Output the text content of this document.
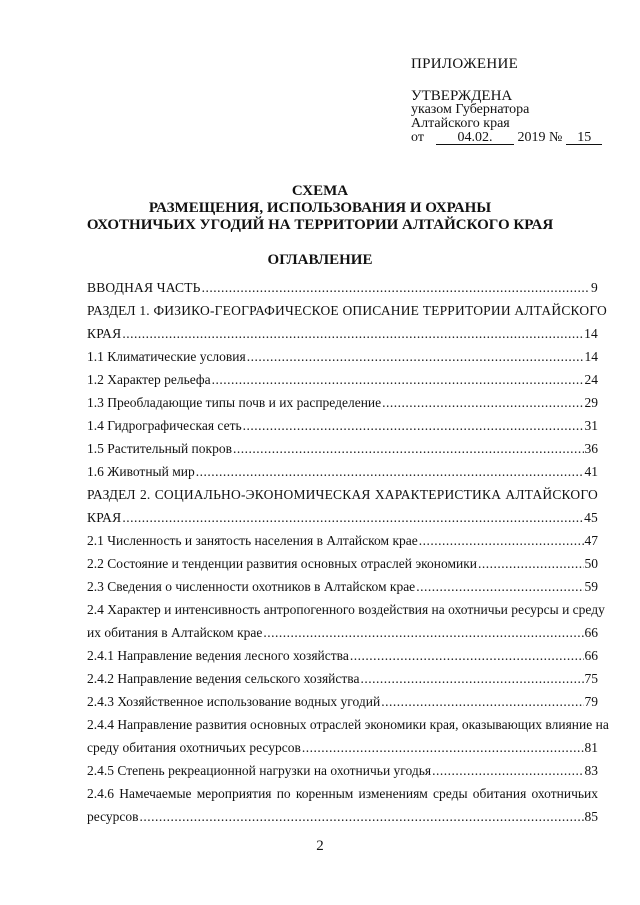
ПРИЛОЖЕНИЕ
УТВЕРЖДЕНА
указом Губернатора
Алтайского края
от 04.02. 2019 № 15
СХЕМА
РАЗМЕЩЕНИЯ, ИСПОЛЬЗОВАНИЯ И ОХРАНЫ
ОХОТНИЧЬИХ УГОДИЙ НА ТЕРРИТОРИИ АЛТАЙСКОГО КРАЯ
ОГЛАВЛЕНИЕ
ВВОДНАЯ ЧАСТЬ .....	9
РАЗДЕЛ 1. ФИЗИКО-ГЕОГРАФИЧЕСКОЕ ОПИСАНИЕ ТЕРРИТОРИИ АЛТАЙСКОГО
КРАЯ .....	14
1.1 Климатические условия .....	14
1.2 Характер рельефа .....	24
1.3 Преобладающие типы почв и их распределение .....	29
1.4 Гидрографическая сеть .....	31
1.5 Растительный покров .....	36
1.6 Животный мир .....	41
РАЗДЕЛ 2. СОЦИАЛЬНО-ЭКОНОМИЧЕСКАЯ ХАРАКТЕРИСТИКА АЛТАЙСКОГО
КРАЯ .....	45
2.1 Численность и занятость населения в Алтайском крае .....	47
2.2 Состояние и тенденции развития основных отраслей экономики .....	50
2.3 Сведения о численности охотников в Алтайском крае .....	59
2.4 Характер и интенсивность антропогенного воздействия на охотничьи ресурсы и среду
их обитания в Алтайском крае .....	66
2.4.1 Направление ведения лесного хозяйства .....	66
2.4.2 Направление ведения сельского хозяйства .....	75
2.4.3 Хозяйственное использование водных угодий .....	79
2.4.4 Направление развития основных отраслей экономики края, оказывающих влияние на
среду обитания охотничьих ресурсов .....	81
2.4.5 Степень рекреационной нагрузки на охотничьи угодья .....	83
2.4.6 Намечаемые мероприятия по коренным изменениям среды обитания охотничьих
ресурсов .....	85
2
